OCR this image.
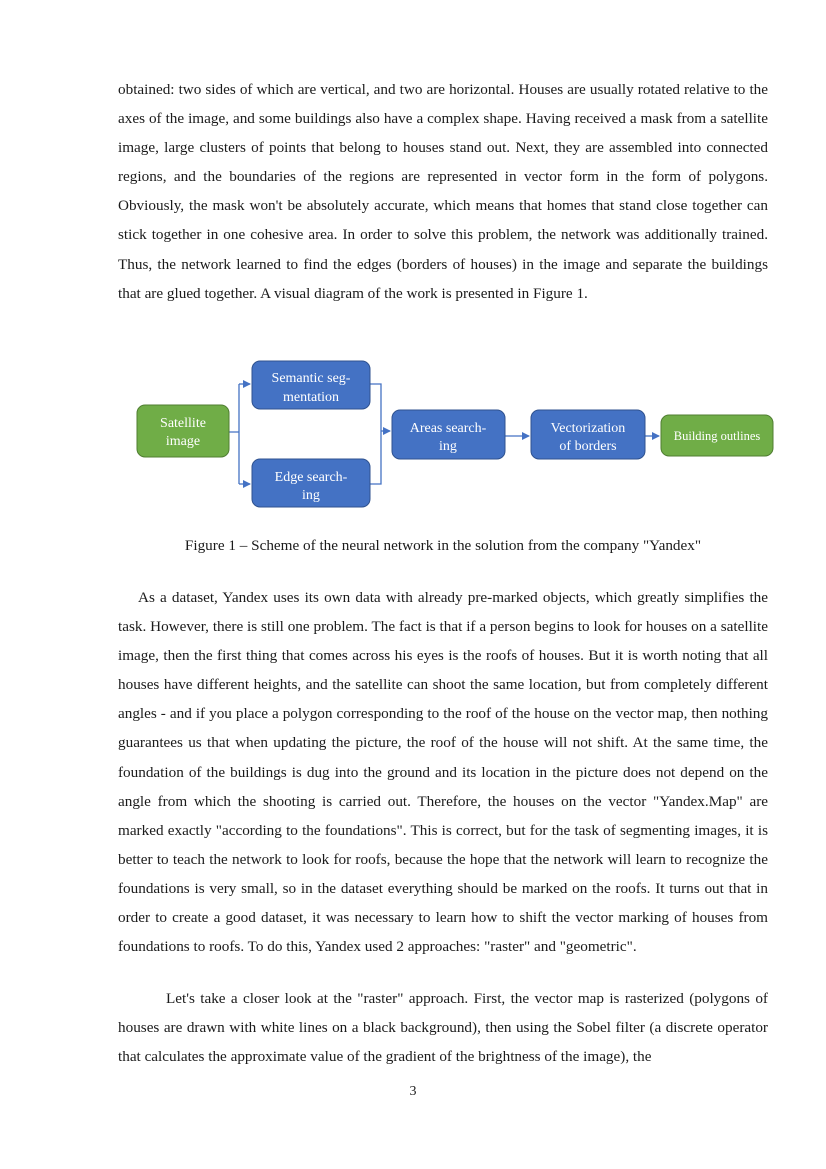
obtained: two sides of which are vertical, and two are horizontal. Houses are usually rotated relative to the axes of the image, and some buildings also have a complex shape. Having received a mask from a satellite image, large clusters of points that belong to houses stand out. Next, they are assembled into connected regions, and the boundaries of the regions are represented in vector form in the form of polygons. Obviously, the mask won't be absolutely accurate, which means that homes that stand close together can stick together in one cohesive area. In order to solve this problem, the network was additionally trained. Thus, the network learned to find the edges (borders of houses) in the image and separate the buildings that are glued together. A visual diagram of the work is presented in Figure 1.

Satellite
image
Semantic seg-
mentation
Edge search-
ing
Areas search-
ing
Vectorization
of borders
Building outlines

Figure 1 – Scheme of the neural network in the solution from the company "Yandex"

As a dataset, Yandex uses its own data with already pre-marked objects, which greatly simplifies the task. However, there is still one problem. The fact is that if a person begins to look for houses on a satellite image, then the first thing that comes across his eyes is the roofs of houses. But it is worth noting that all houses have different heights, and the satellite can shoot the same location, but from completely different angles - and if you place a polygon corresponding to the roof of the house on the vector map, then nothing guarantees us that when updating the picture, the roof of the house will not shift. At the same time, the foundation of the buildings is dug into the ground and its location in the picture does not depend on the angle from which the shooting is carried out. Therefore, the houses on the vector "Yandex.Map" are marked exactly "according to the foundations". This is correct, but for the task of segmenting images, it is better to teach the network to look for roofs, because the hope that the network will learn to recognize the foundations is very small, so in the dataset everything should be marked on the roofs. It turns out that in order to create a good dataset, it was necessary to learn how to shift the vector marking of houses from foundations to roofs. To do this, Yandex used 2 approaches: "raster" and "geometric".

Let's take a closer look at the "raster" approach. First, the vector map is rasterized (polygons of houses are drawn with white lines on a black background), then using the Sobel filter (a discrete operator that calculates the approximate value of the gradient of the brightness of the image), the

3
